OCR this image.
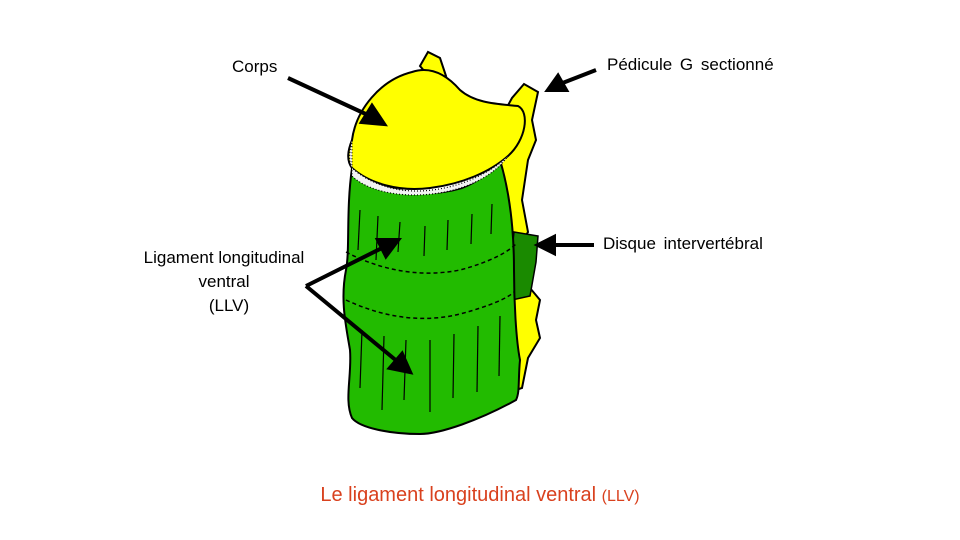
Corps	Pédicule G sectionné
Disque intervertébral
Ligament longitudinal
ventral
(LLV)
Le ligament longitudinal ventral (LLV)
